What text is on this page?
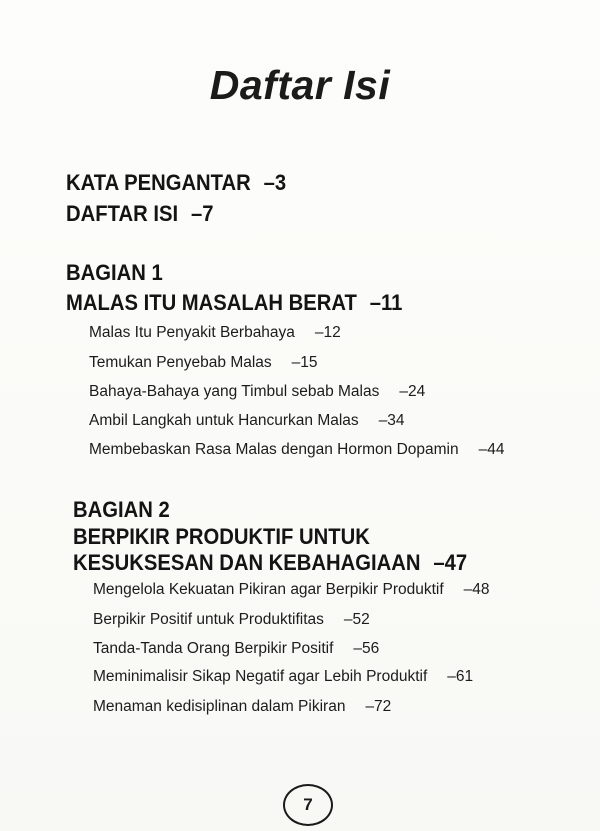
Daftar Isi
KATA PENGANTAR –3
DAFTAR ISI –7
BAGIAN 1
MALAS ITU MASALAH BERAT –11
Malas Itu Penyakit Berbahaya –12
Temukan Penyebab Malas –15
Bahaya-Bahaya yang Timbul sebab Malas –24
Ambil Langkah untuk Hancurkan Malas –34
Membebaskan Rasa Malas dengan Hormon Dopamin –44
BAGIAN 2
BERPIKIR PRODUKTIF UNTUK
KESUKSESAN DAN KEBAHAGIAAN –47
Mengelola Kekuatan Pikiran agar Berpikir Produktif –48
Berpikir Positif untuk Produktifitas –52
Tanda-Tanda Orang Berpikir Positif –56
Meminimalisir Sikap Negatif agar Lebih Produktif –61
Menaman kedisiplinan dalam Pikiran –72
7
